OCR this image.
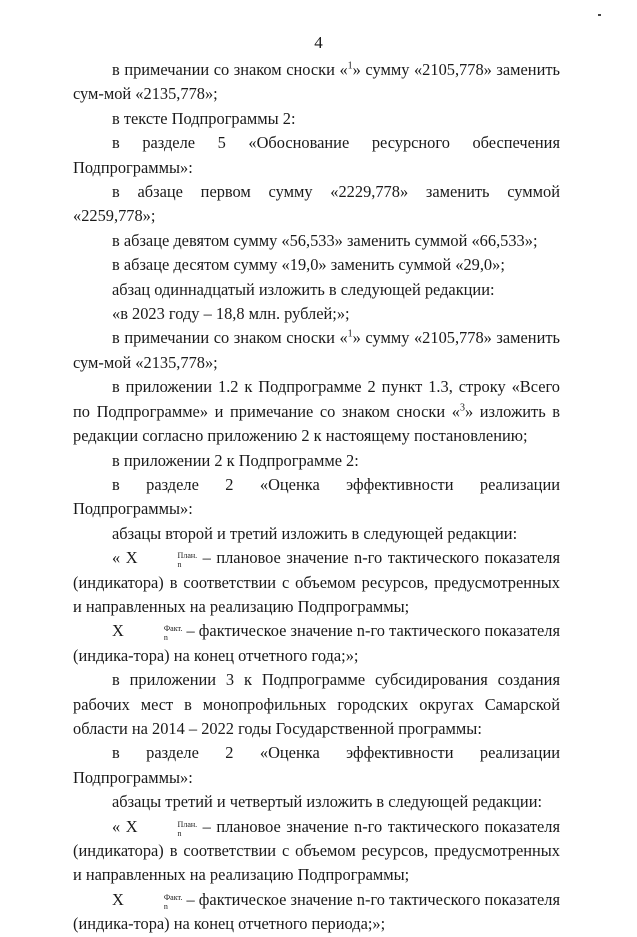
4

в примечании со знаком сноски «$^1$» сумму «2105,778» заменить сум-мой «2135,778»;

в тексте Подпрограммы 2:

в разделе 5 «Обоснование ресурсного обеспечения Подпрограммы»:

в абзаце первом сумму «2229,778» заменить суммой «2259,778»;

в абзаце девятом сумму «56,533» заменить суммой «66,533»;

в абзаце десятом сумму «19,0» заменить суммой «29,0»;

абзац одиннадцатый изложить в следующей редакции:

«в 2023 году – 18,8 млн. рублей;»;

в примечании со знаком сноски «$^1$» сумму «2105,778» заменить сум-мой «2135,778»;

в приложении 1.2 к Подпрограмме 2 пункт 1.3, строку «Всего по Подпрограмме» и примечание со знаком сноски «$^3$» изложить в редакции согласно приложению 2 к настоящему постановлению;

в приложении 2 к Подпрограмме 2:

в разделе 2 «Оценка эффективности реализации Подпрограммы»:

абзацы второй и третий изложить в следующей редакции:

« X	План.
n – плановое значение n-го тактического показателя (индикатора) в соответствии с объемом ресурсов, предусмотренных и направленных на реализацию Подпрограммы;

X	Факт.
n – фактическое значение n-го тактического показателя (индика-тора) на конец отчетного года;»;

в приложении 3 к Подпрограмме субсидирования создания рабочих мест в монопрофильных городских округах Самарской области на 2014 – 2022 годы Государственной программы:

в разделе 2 «Оценка эффективности реализации Подпрограммы»:

абзацы третий и четвертый изложить в следующей редакции:

« X	План.
n – плановое значение n-го тактического показателя (индикатора) в соответствии с объемом ресурсов, предусмотренных и направленных на реализацию Подпрограммы;

X	Факт.
n – фактическое значение n-го тактического показателя (индика-тора) на конец отчетного периода;»;
